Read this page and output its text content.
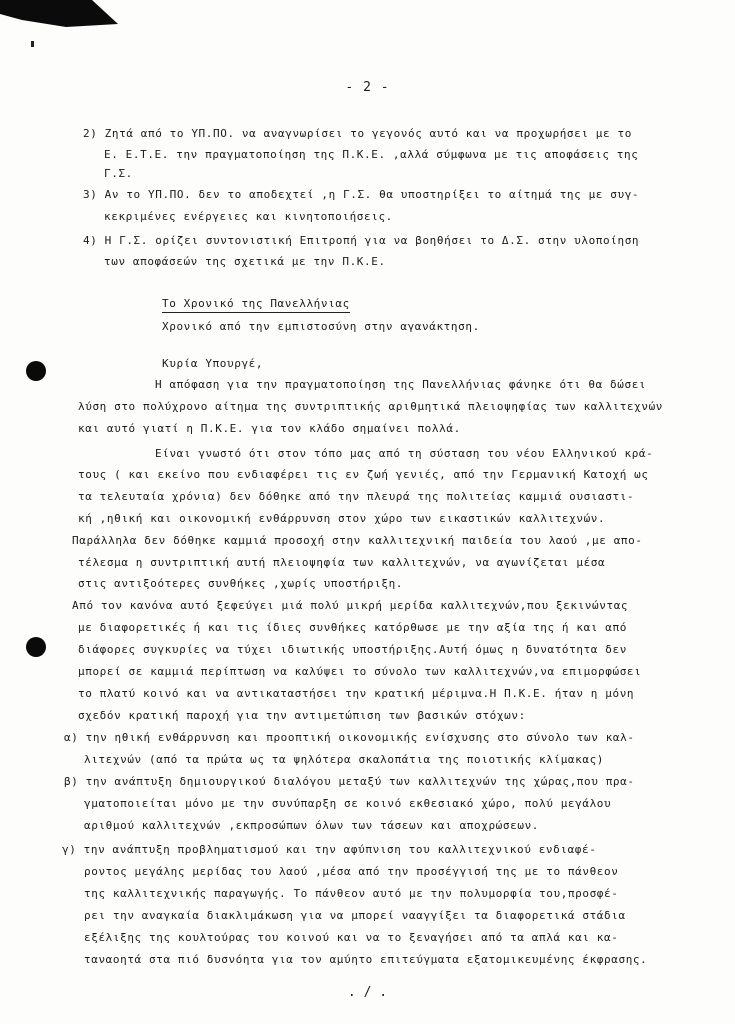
- 2 -
2) Ζητά από το ΥΠ.ΠΟ. να αναγνωρίσει το γεγονός αυτό και να προχωρήσει με το
Ε. Ε.Τ.Ε. την πραγματοποίηση της Π.Κ.Ε. ,αλλά σύμφωνα με τις αποφάσεις της
Γ.Σ.
3) Αν το ΥΠ.ΠΟ. δεν το αποδεχτεί ,η Γ.Σ. θα υποστηρίξει το αίτημά της με συγ-
κεκριμένες ενέργειες και κινητοποιήσεις.
4) Η Γ.Σ. ορίζει συντονιστική Επιτροπή για να βοηθήσει το Δ.Σ. στην υλοποίηση
των αποφάσεών της σχετικά με την Π.Κ.Ε.
Το Χρονικό της Πανελλήνιας
Χρονικό από την εμπιστοσύνη στην αγανάκτηση.
Κυρία Υπουργέ,
Η απόφαση για την πραγματοποίηση της Πανελλήνιας φάνηκε ότι θα δώσει
λύση στο πολύχρονο αίτημα της συντριπτικής αριθμητικά πλειοψηφίας των καλλιτεχνών
και αυτό γιατί η Π.Κ.Ε. για τον κλάδο σημαίνει πολλά.
Είναι γνωστό ότι στον τόπο μας από τη σύσταση του νέου Ελληνικού κρά-
τους ( και εκείνο που ενδιαφέρει τις εν ζωή γενιές, από την Γερμανική Κατοχή ως
τα τελευταία χρόνια) δεν δόθηκε από την πλευρά της πολιτείας καμμιά ουσιαστι-
κή ,ηθική και οικονομική ενθάρρυνση στον χώρο των εικαστικών καλλιτεχνών.
Παράλληλα δεν δόθηκε καμμιά προσοχή στην καλλιτεχνική παιδεία του λαού ,με απο-
τέλεσμα η συντριπτική αυτή πλειοψηφία των καλλιτεχνών, να αγωνίζεται μέσα
στις αντιξοότερες συνθήκες ,χωρίς υποστήριξη.
Από τον κανόνα αυτό ξεφεύγει μιά πολύ μικρή μερίδα καλλιτεχνών,που ξεκινώντας
με διαφορετικές ή και τις ίδιες συνθήκες κατόρθωσε με την αξία της ή και από
διάφορες συγκυρίες να τύχει ιδιωτικής υποστήριξης.Αυτή όμως η δυνατότητα δεν
μπορεί σε καμμιά περίπτωση να καλύψει το σύνολο των καλλιτεχνών,να επιμορφώσει
το πλατύ κοινό και να αντικαταστήσει την κρατική μέριμνα.Η Π.Κ.Ε. ήταν η μόνη
σχεδόν κρατική παροχή για την αντιμετώπιση των βασικών στόχων:
α) την ηθική ενθάρρυνση και προοπτική οικονομικής ενίσχυσης στο σύνολο των καλ-
λιτεχνών (από τα πρώτα ως τα ψηλότερα σκαλοπάτια της ποιοτικής κλίμακας)
β) την ανάπτυξη δημιουργικού διαλόγου μεταξύ των καλλιτεχνών της χώρας,που πρα-
γματοποιείται μόνο με την συνύπαρξη σε κοινό εκθεσιακό χώρο, πολύ μεγάλου
αριθμού καλλιτεχνών ,εκπροσώπων όλων των τάσεων και αποχρώσεων.
γ) την ανάπτυξη προβληματισμού και την αφύπνιση του καλλιτεχνικού ενδιαφέ-
ροντος μεγάλης μερίδας του λαού ,μέσα από την προσέγγισή της με το πάνθεον
της καλλιτεχνικής παραγωγής. Το πάνθεον αυτό με την πολυμορφία του,προσφέ-
ρει την αναγκαία διακλιμάκωση για να μπορεί νααγγίξει τα διαφορετικά στάδια
εξέλιξης της κουλτούρας του κοινού και να το ξεναγήσει από τα απλά και κα-
ταναοητά στα πιό δυσνόητα για τον αμύητο επιτεύγματα εξατομικευμένης έκφρασης.
. / .
